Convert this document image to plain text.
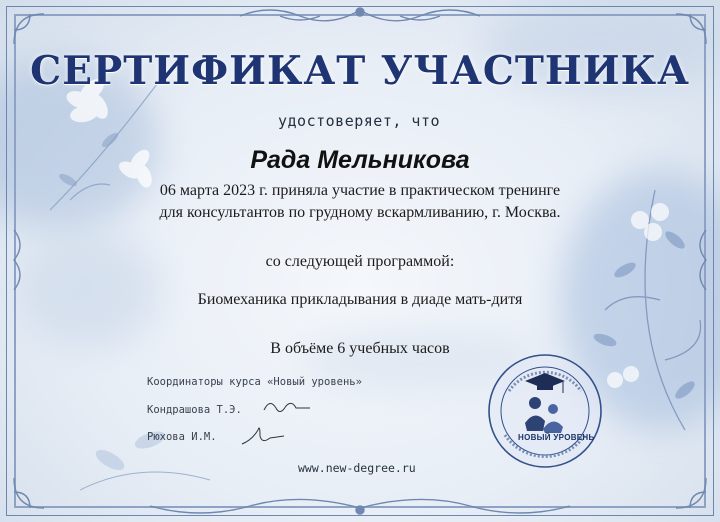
СЕРТИФИКАТ УЧАСТНИКА
удостоверяет, что
Рада Мельникова
06 марта 2023 г. приняла участие в практическом тренинге
для консультантов по грудному вскармливанию, г. Москва.
со следующей программой:
Биомеханика прикладывания в диаде мать-дитя
В объёме 6 учебных часов
Координаторы курса «Новый уровень»
Кондрашова Т.Э.
Рюхова И.М.	НОВЫЙ УРОВЕНЬ
www.new-degree.ru
